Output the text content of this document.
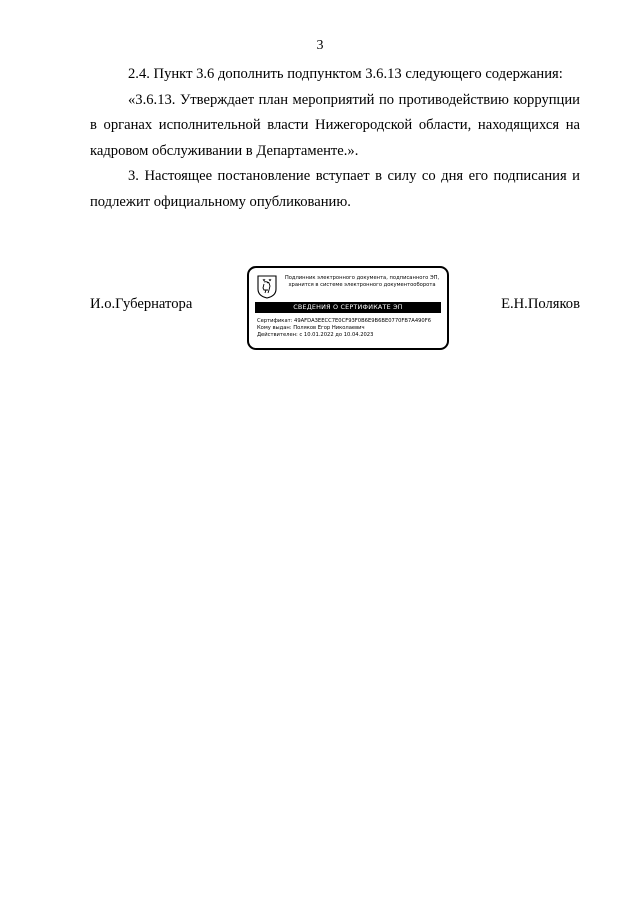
3

2.4. Пункт 3.6 дополнить подпунктом 3.6.13 следующего содержания:

«3.6.13. Утверждает план мероприятий по противодействию коррупции в органах исполнительной власти Нижегородской области, находящихся на кадровом обслуживании в Департаменте.».

3. Настоящее постановление вступает в силу со дня его подписания и подлежит официальному опубликованию.

И.о.Губернатора
Подлинник электронного документа, подписанного ЭП,
хранится в системе электронного документооборота
СВЕДЕНИЯ О СЕРТИФИКАТЕ ЭП
Сертификат: 49AFDA3EECC7E0CF93F0B6E9B6BE0770FB7A490F6
Кому выдан: Поляков Егор Николаевич
Действителен: с 10.01.2022 до 10.04.2023
Е.Н.Поляков
